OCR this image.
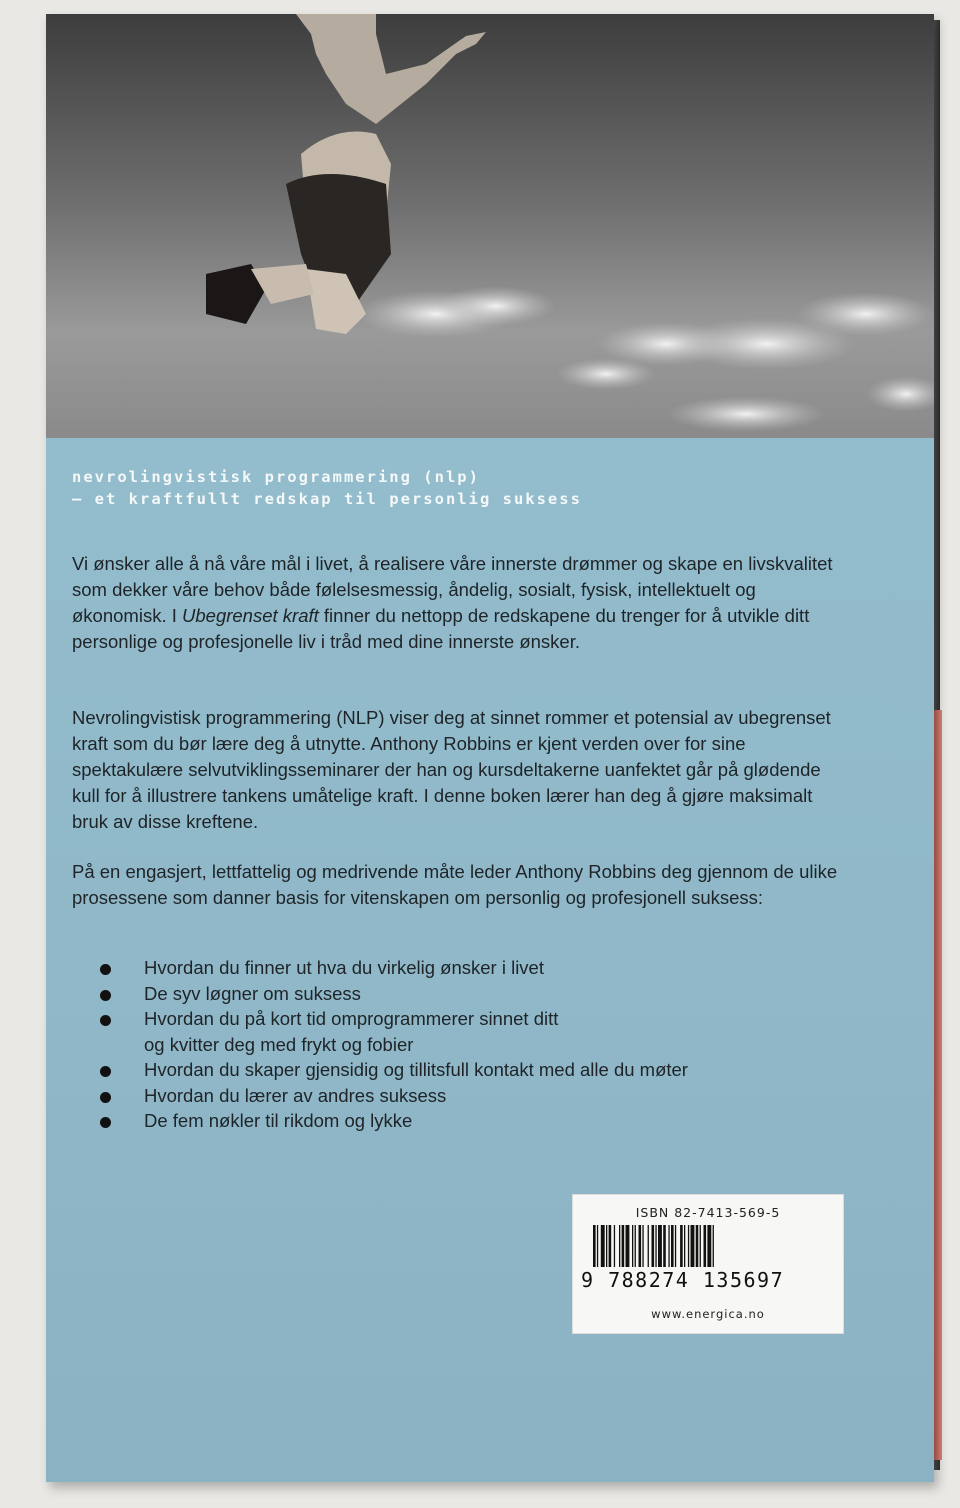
nevrolingvistisk programmering (nlp)
– et kraftfullt redskap til personlig suksess
Vi ønsker alle å nå våre mål i livet, å realisere våre innerste drømmer og skape en livskvalitet som dekker våre behov både følelsesmessig, åndelig, sosialt, fysisk, intellektuelt og økonomisk. I Ubegrenset kraft finner du nettopp de redskapene du trenger for å utvikle ditt personlige og profesjonelle liv i tråd med dine innerste ønsker.
Nevrolingvistisk programmering (NLP) viser deg at sinnet rommer et potensial av ubegrenset kraft som du bør lære deg å utnytte. Anthony Robbins er kjent verden over for sine spektakulære selvutviklingsseminarer der han og kursdeltakerne uanfektet går på glødende kull for å illustrere tankens umåtelige kraft. I denne boken lærer han deg å gjøre maksimalt bruk av disse kreftene.
På en engasjert, lettfattelig og medrivende måte leder Anthony Robbins deg gjennom de ulike prosessene som danner basis for vitenskapen om personlig og profesjonell suksess:
Hvordan du finner ut hva du virkelig ønsker i livet
De syv løgner om suksess
Hvordan du på kort tid omprogrammerer sinnet ditt
og kvitter deg med frykt og fobier
Hvordan du skaper gjensidig og tillitsfull kontakt med alle du møter
Hvordan du lærer av andres suksess
De fem nøkler til rikdom og lykke
ISBN 82-7413-569-5
9 788274 135697
www.energica.no
